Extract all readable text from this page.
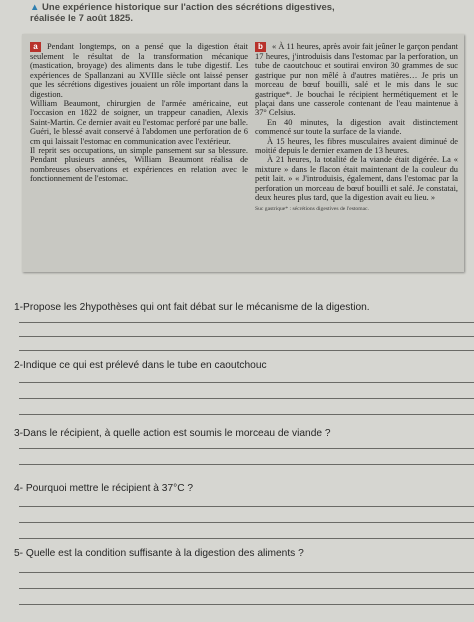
▲ Une expérience historique sur l'action des sécrétions digestives,
réalisée le 7 août 1825.

a Pendant longtemps, on a pensé que la digestion était seulement le résultat de la transformation mécanique (mastication, broyage) des aliments dans le tube digestif. Les expériences de Spallanzani au XVIIIe siècle ont laissé penser que les sécrétions digestives jouaient un rôle important dans la digestion.

William Beaumont, chirurgien de l'armée américaine, eut l'occasion en 1822 de soigner, un trappeur canadien, Alexis Saint-Martin. Ce dernier avait eu l'estomac perforé par une balle. Guéri, le blessé avait conservé à l'abdomen une perforation de 6 cm qui laissait l'estomac en communication avec l'extérieur.

Il reprit ses occupations, un simple pansement sur sa blessure. Pendant plusieurs années, William Beaumont réalisa de nombreuses observations et expériences en relation avec le fonctionnement de l'estomac.

b « À 11 heures, après avoir fait jeûner le garçon pendant 17 heures, j'introduisis dans l'estomac par la perforation, un tube de caoutchouc et soutirai environ 30 grammes de suc gastrique pur non mêlé à d'autres matières… Je pris un morceau de bœuf bouilli, salé et le mis dans le suc gastrique*. Je bouchai le récipient hermétiquement et le plaçai dans une casserole contenant de l'eau maintenue à 37° Celsius.

En 40 minutes, la digestion avait distinctement commencé sur toute la surface de la viande.

À 15 heures, les fibres musculaires avaient diminué de moitié depuis le dernier examen de 13 heures.

À 21 heures, la totalité de la viande était digérée. La « mixture » dans le flacon était maintenant de la couleur du petit lait. » « J'introduisis, également, dans l'estomac par la perforation un morceau de bœuf bouilli et salé. Je constatai, deux heures plus tard, que la digestion avait eu lieu. »

Suc gastrique* : sécrétions digestives de l'estomac.
1-Propose les 2hypothèses qui ont fait débat sur le mécanisme de la digestion.
2-Indique ce qui est prélevé dans le tube en caoutchouc
3-Dans le récipient, à quelle action est soumis le morceau de viande ?
4- Pourquoi mettre le récipient à 37°C ?
5- Quelle est la condition suffisante à la digestion des aliments ?
